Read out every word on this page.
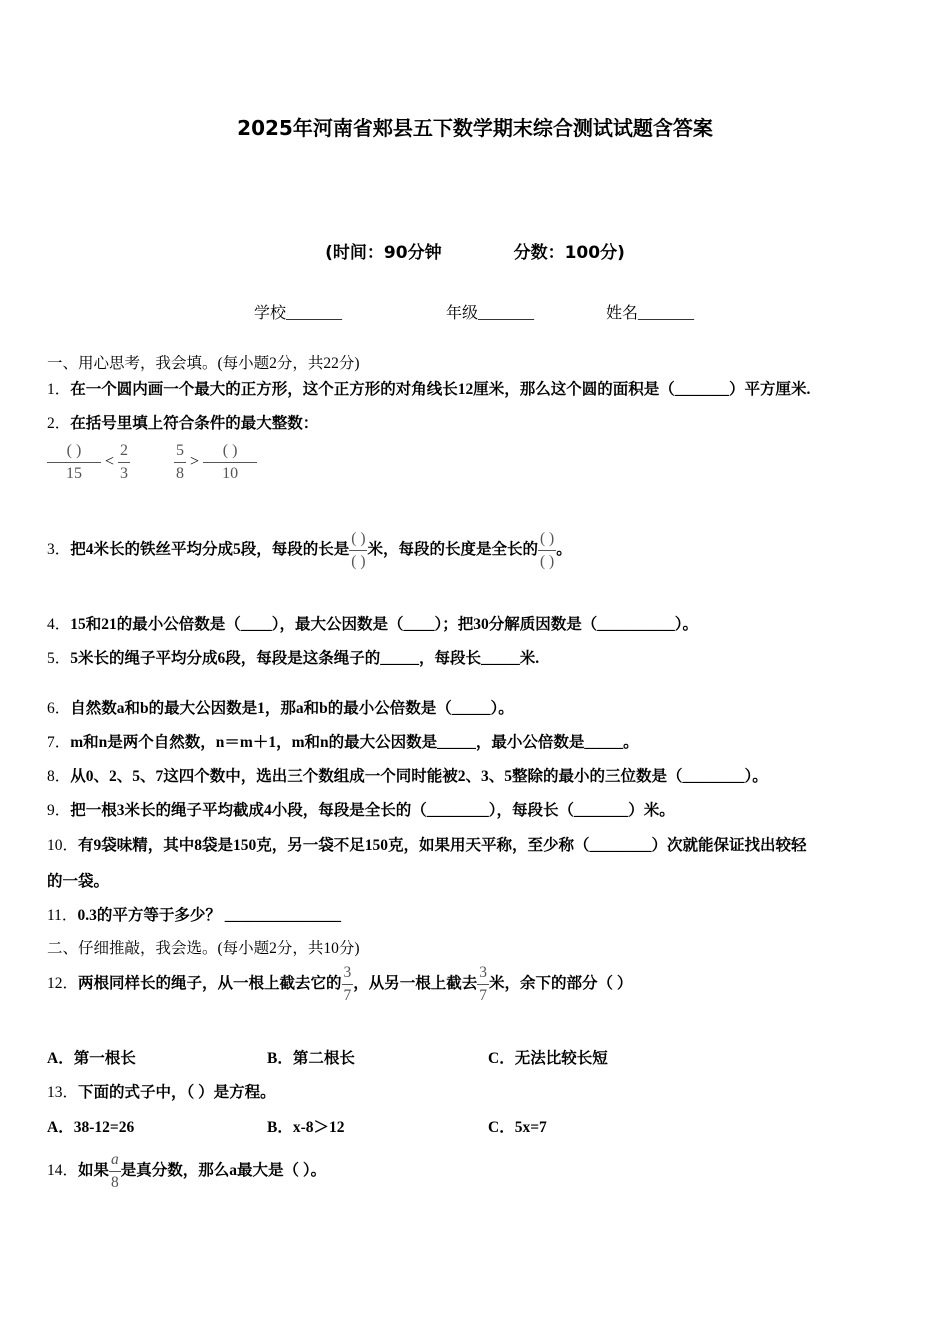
2025年河南省郏县五下数学期末综合测试试题含答案
(时间：90分钟	分数：100分)
学校_______	年级_______	姓名_______
一、用心思考，我会填。(每小题2分，共22分)
1．在一个圆内画一个最大的正方形，这个正方形的对角线长12厘米，那么这个圆的面积是（_______）平方厘米.
2．在括号里填上符合条件的最大整数：
$\frac{( )}{15} < \frac{2}{3}$
	$\frac{5}{8} > \frac{( )}{10}$
3．把4米长的铁丝平均分成5段，每段的长是 $\frac{( )}{( )}$ 米，每段的长度是全长的 $\frac{( )}{( )}$ 。
4．15和21的最小公倍数是（____），最大公因数是（____）；把30分解质因数是（__________）。
5．5米长的绳子平均分成6段，每段是这条绳子的_____，每段长_____米.
6．自然数a和b的最大公因数是1，那a和b的最小公倍数是（_____）。
7．m和n是两个自然数，n＝m＋1，m和n的最大公因数是_____，最小公倍数是_____。
8．从0、2、5、7这四个数中，选出三个数组成一个同时能被2、3、5整除的最小的三位数是（________）。
9．把一根3米长的绳子平均截成4小段，每段是全长的（________），每段长（_______）米。
10．有9袋味精，其中8袋是150克，另一袋不足150克，如果用天平称，至少称（________）次就能保证找出较轻
的一袋。
11．0.3的平方等于多少？ _______________
二、仔细推敲，我会选。(每小题2分，共10分)
12．两根同样长的绳子，从一根上截去它的 $\frac{3}{7}$ ，从另一根上截去 $\frac{3}{7}$ 米，余下的部分（ ）
A．第一根长	B．第二根长	C．无法比较长短
13．下面的式子中，（ ）是方程。
A．38-12=26	B．x-8＞12	C．5x=7
14．如果 $\frac{a}{8}$ 是真分数，那么a最大是（ ）。
